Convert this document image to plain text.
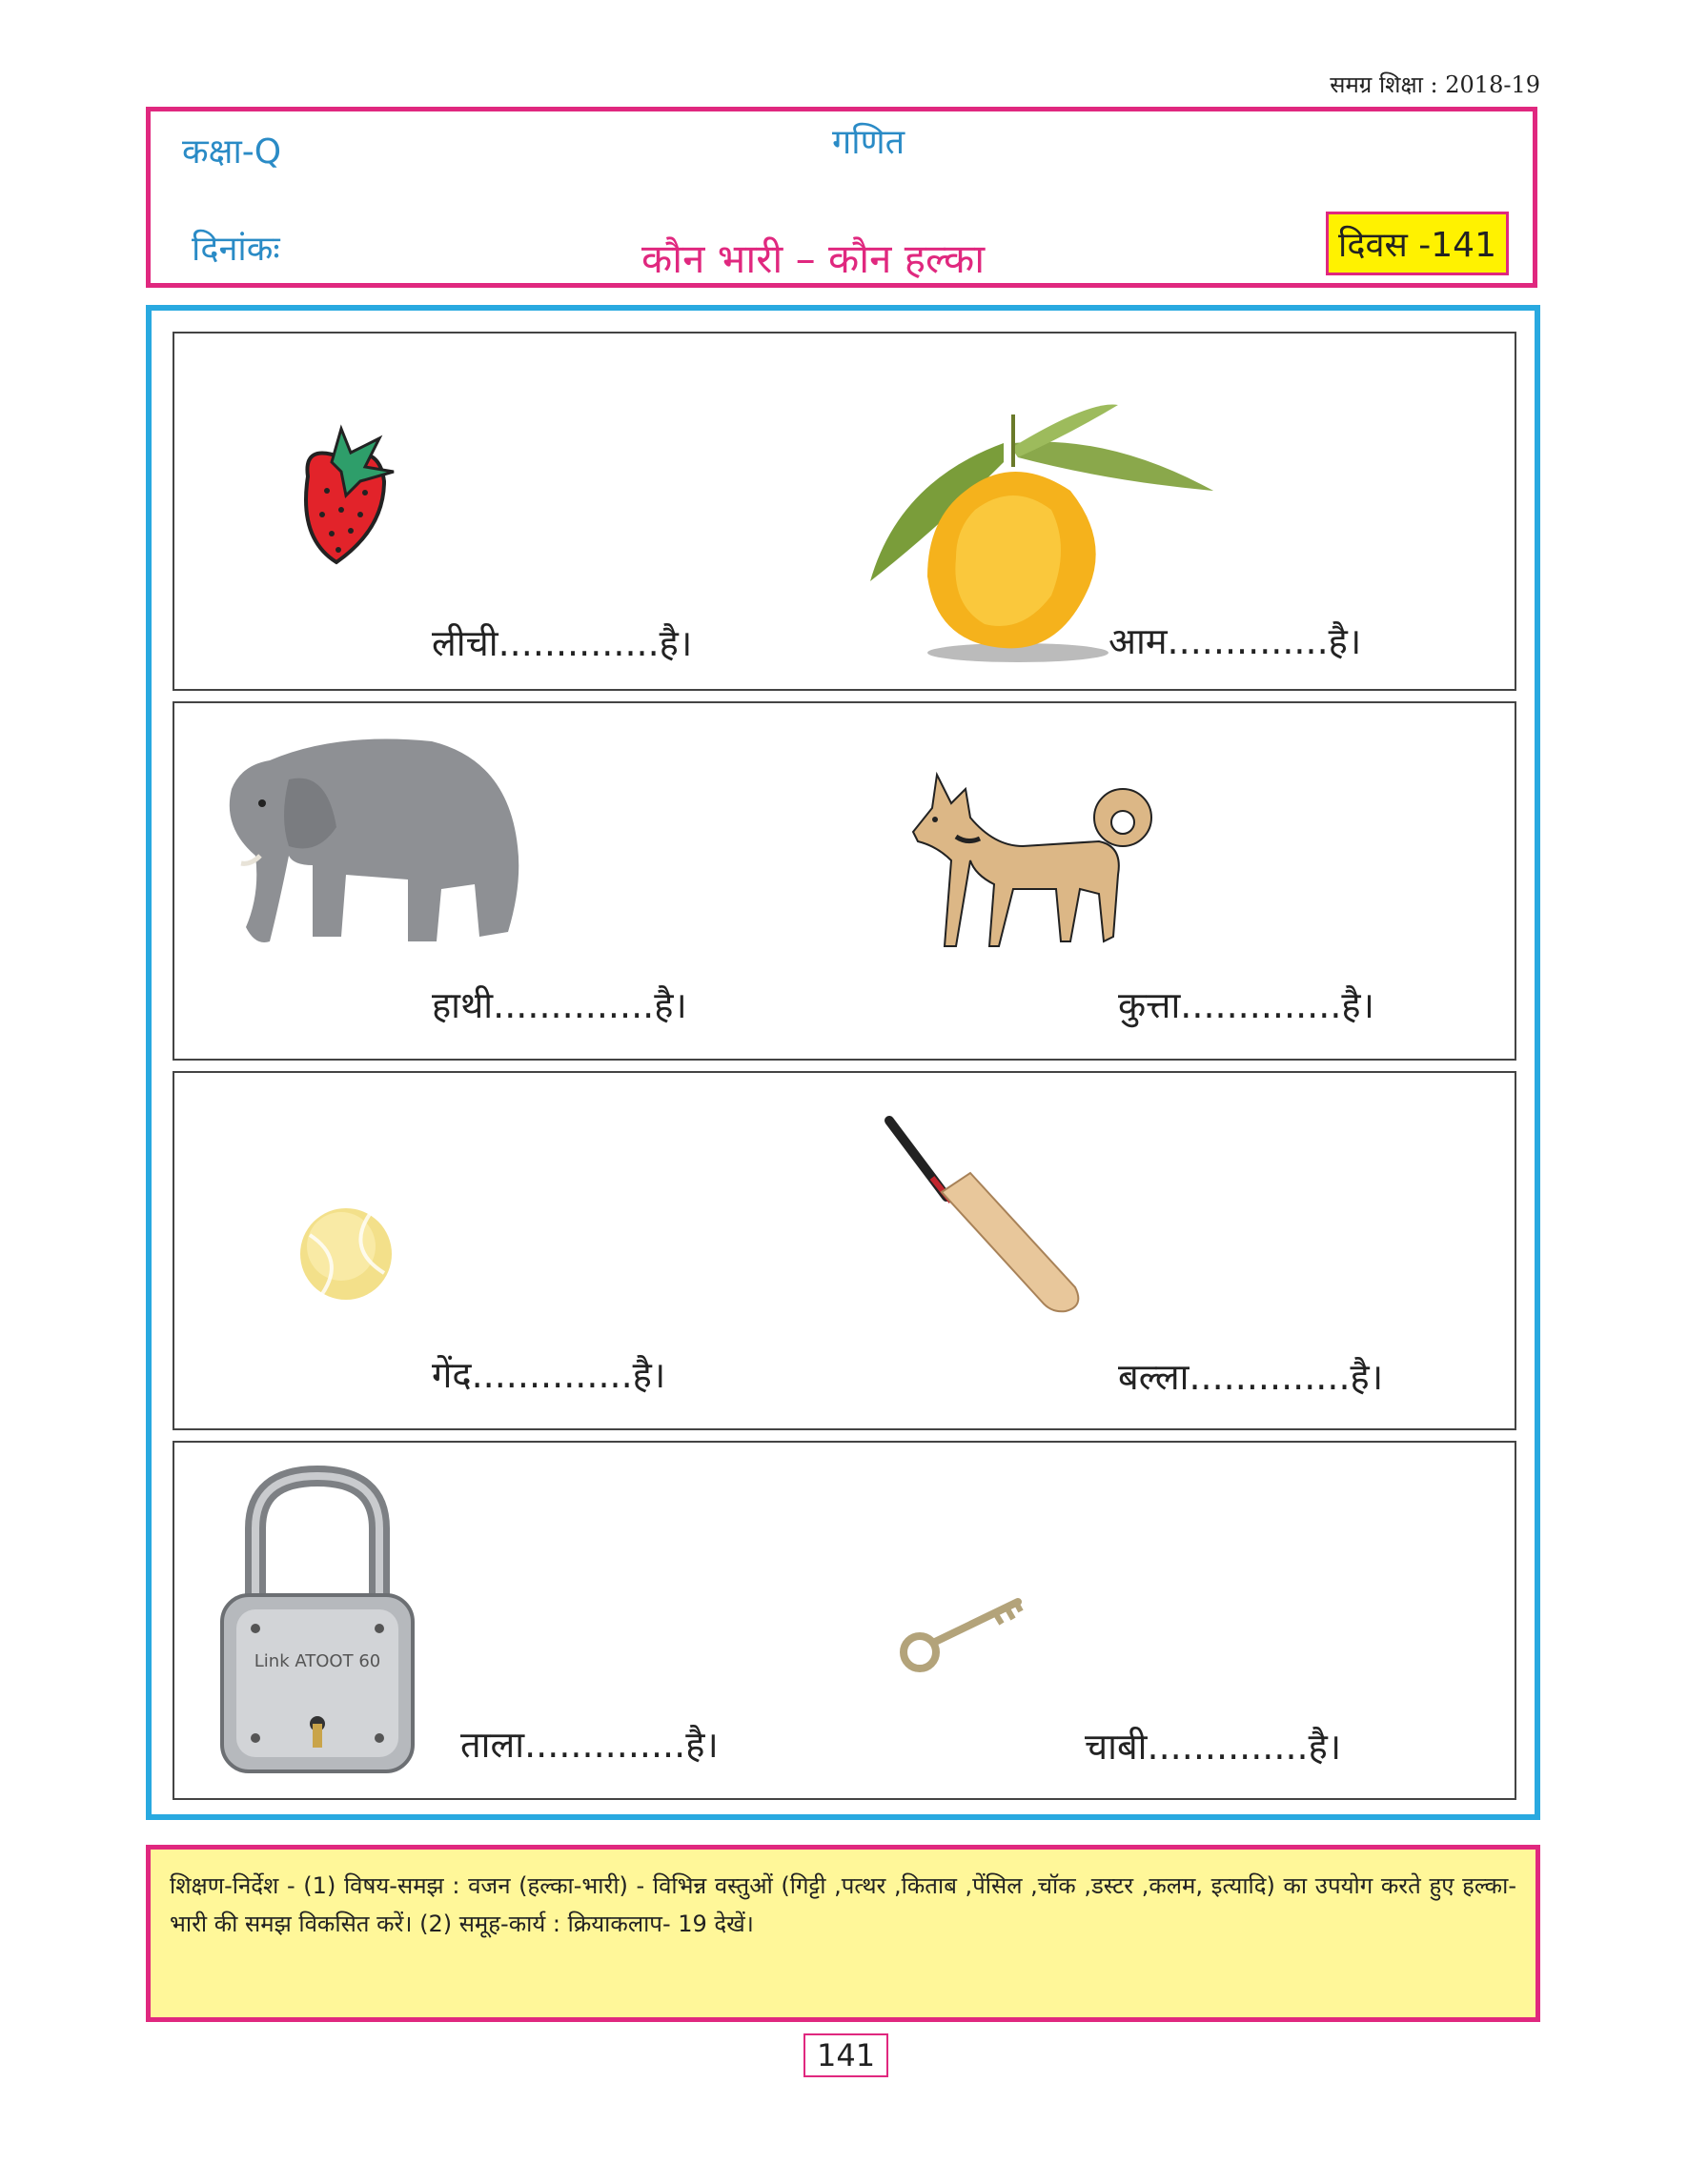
समग्र शिक्षा : 2018-19
कक्षा-Q	गणित
दिनांकः	कौन भारी – कौन हल्का	दिवस -141
लीची..............है।	आम..............है।
हाथी..............है।	कुत्ता..............है।
गेंद..............है।	बल्ला..............है।
Link ATOOT 60
ताला..............है।	चाबी..............है।
शिक्षण-निर्देश - (1) विषय-समझ : वजन (हल्का-भारी) - विभिन्न वस्तुओं (गिट्टी ,पत्थर ,किताब ,पेंसिल ,चॉक ,डस्टर ,कलम, इत्यादि) का उपयोग करते हुए हल्का-भारी की समझ विकसित करें। (2) समूह-कार्य : क्रियाकलाप- 19 देखें।
141
